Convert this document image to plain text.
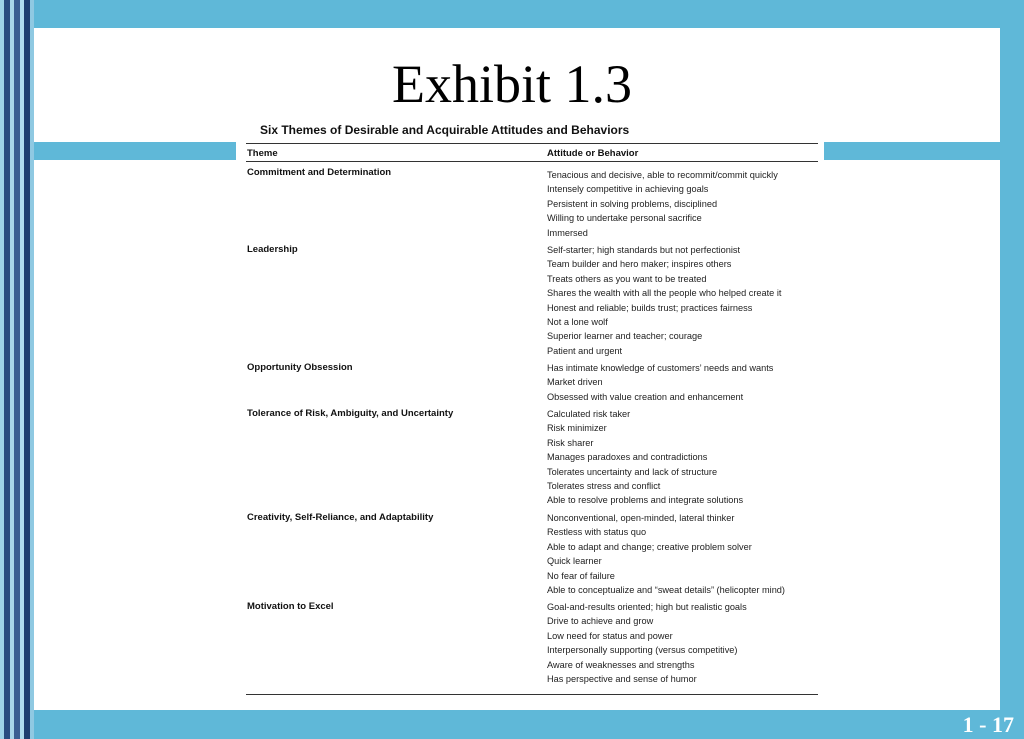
Exhibit 1.3
Six Themes of Desirable and Acquirable Attitudes and Behaviors
Theme	Attitude or Behavior
Commitment and Determination	Tenacious and decisive, able to recommit/commit quickly
Intensely competitive in achieving goals
Persistent in solving problems, disciplined
Willing to undertake personal sacrifice
Immersed
Leadership	Self-starter; high standards but not perfectionist
Team builder and hero maker; inspires others
Treats others as you want to be treated
Shares the wealth with all the people who helped create it
Honest and reliable; builds trust; practices fairness
Not a lone wolf
Superior learner and teacher; courage
Patient and urgent
Opportunity Obsession	Has intimate knowledge of customers’ needs and wants
Market driven
Obsessed with value creation and enhancement
Tolerance of Risk, Ambiguity, and Uncertainty	Calculated risk taker
Risk minimizer
Risk sharer
Manages paradoxes and contradictions
Tolerates uncertainty and lack of structure
Tolerates stress and conflict
Able to resolve problems and integrate solutions
Creativity, Self-Reliance, and Adaptability	Nonconventional, open-minded, lateral thinker
Restless with status quo
Able to adapt and change; creative problem solver
Quick learner
No fear of failure
Able to conceptualize and “sweat details” (helicopter mind)
Motivation to Excel	Goal-and-results oriented; high but realistic goals
Drive to achieve and grow
Low need for status and power
Interpersonally supporting (versus competitive)
Aware of weaknesses and strengths
Has perspective and sense of humor
1 - 17
